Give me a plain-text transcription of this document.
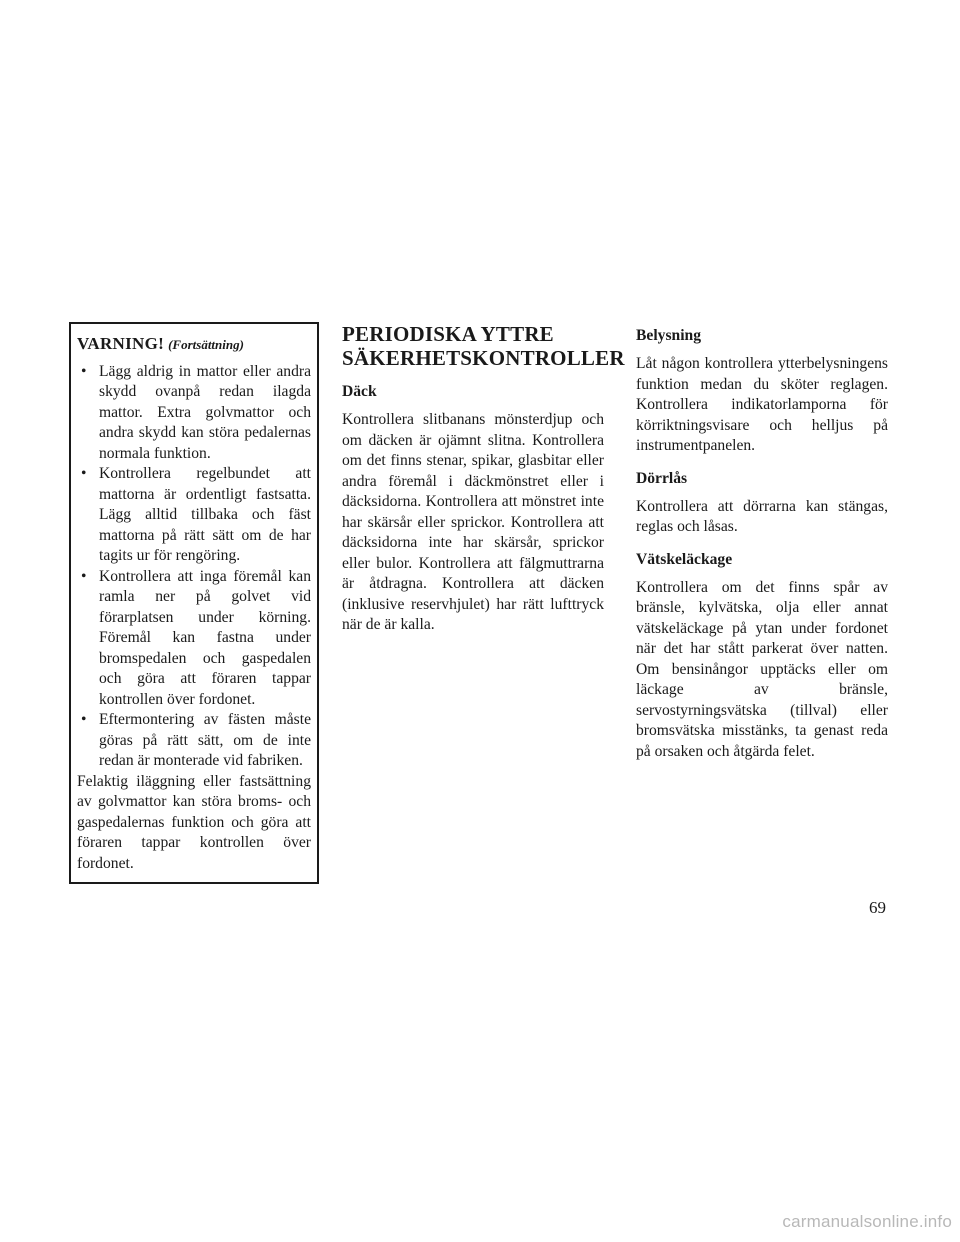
VARNING! (Fortsättning)
• Lägg aldrig in mattor eller andra skydd ovanpå redan ilagda mattor. Extra golvmattor och andra skydd kan störa pedalernas normala funktion.
• Kontrollera regelbundet att mattorna är ordentligt fastsatta. Lägg alltid tillbaka och fäst mattorna på rätt sätt om de har tagits ur för rengöring.
• Kontrollera att inga föremål kan ramla ner på golvet vid förarplatsen under körning. Föremål kan fastna under bromspedalen och gaspedalen och göra att föraren tappar kontrollen över fordonet.
• Eftermontering av fästen måste göras på rätt sätt, om de inte redan är monterade vid fabriken.

Felaktig iläggning eller fastsättning av golvmattor kan störa broms- och gaspedalernas funktion och göra att föraren tappar kontrollen över fordonet.

PERIODISKA YTTRE
SÄKERHETSKONTROLLER
Däck

Kontrollera slitbanans mönsterdjup och om däcken är ojämnt slitna. Kontrollera om det finns stenar, spikar, glasbitar eller andra föremål i däckmönstret eller i däcksidorna. Kontrollera att mönstret inte har skärsår eller sprickor. Kontrollera att däcksidorna inte har skärsår, sprickor eller bulor. Kontrollera att fälgmuttrarna är åtdragna. Kontrollera att däcken (inklusive reservhjulet) har rätt lufttryck när de är kalla.

Belysning

Låt någon kontrollera ytterbelysningens funktion medan du sköter reglagen. Kontrollera indikatorlamporna för körriktningsvisare och helljus på instrumentpanelen.

Dörrlås

Kontrollera att dörrarna kan stängas, reglas och låsas.

Vätskeläckage

Kontrollera om det finns spår av bränsle, kylvätska, olja eller annat vätskeläckage på ytan under fordonet när det har stått parkerat över natten. Om bensinångor upptäcks eller om läckage av bränsle, servostyrningsvätska (tillval) eller bromsvätska misstänks, ta genast reda på orsaken och åtgärda felet.

69
carmanualsonline.info
